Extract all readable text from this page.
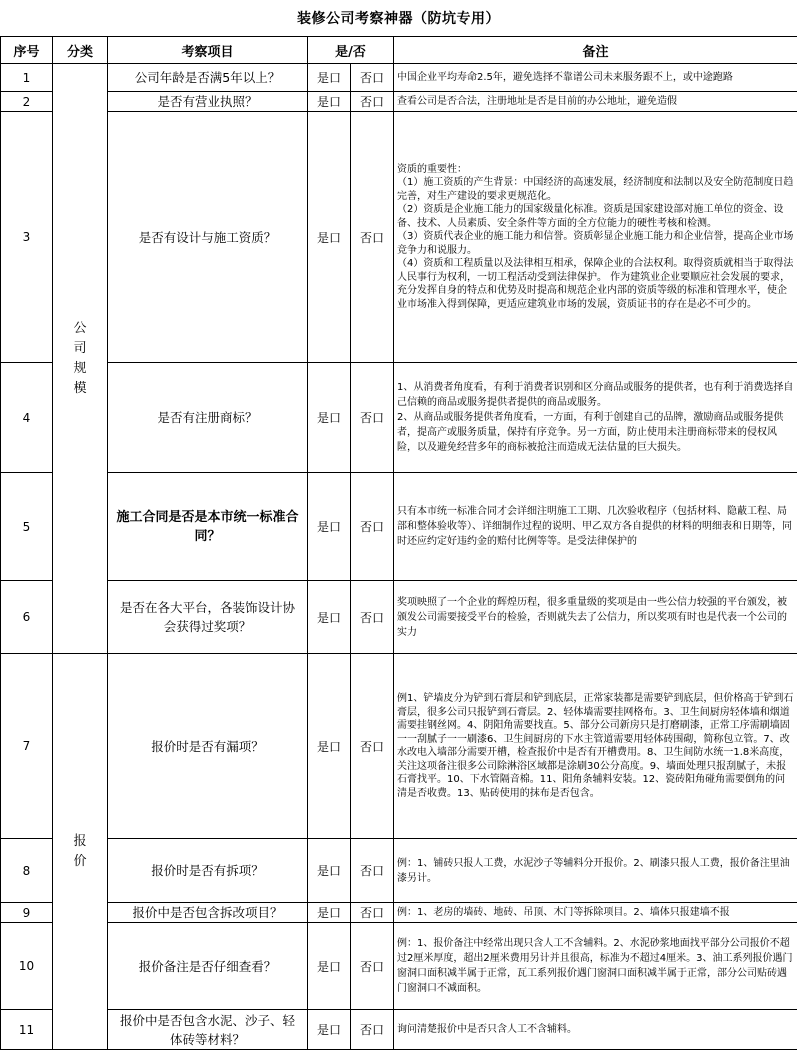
装修公司考察神器（防坑专用）
序号	分类	考察项目	是/否		备注
1	公司规模	公司年龄是否满5年以上？	是口	否口	中国企业平均寿命2.5年，避免选择不靠谱公司未来服务跟不上，或中途跑路
2		是否有营业执照？	是口	否口	查看公司是否合法，注册地址是否是目前的办公地址，避免造假
3		是否有设计与施工资质？	是口	否口	资质的重要性：
（1）施工资质的产生背景：中国经济的高速发展，经济制度和法制以及安全防范制度日趋完善，对生产建设的要求更规范化。
（2）资质是企业施工能力的国家级量化标准。资质是国家建设部对施工单位的资金、设备、技术、人员素质、安全条件等方面的全方位能力的硬性考核和检测。
（3）资质代表企业的施工能力和信誉。资质彰显企业施工能力和企业信誉，提高企业市场竞争力和说服力。
（4）资质和工程质量以及法律相互相承，保障企业的合法权利。取得资质就相当于取得法人民事行为权利，一切工程活动受到法律保护。 作为建筑业企业要顺应社会发展的要求，充分发挥自身的特点和优势及时提高和规范企业内部的资质等级的标准和管理水平，使企业市场准入得到保障，更适应建筑业市场的发展，资质证书的存在是必不可少的。
4		是否有注册商标？	是口	否口	1、从消费者角度看，有利于消费者识别和区分商品或服务的提供者，也有利于消费选择自己信赖的商品或服务提供者提供的商品或服务。
2、从商品或服务提供者角度看，一方面，有利于创建自己的品牌，激励商品或服务提供者，提高产或服务质量，保持有序竞争。另一方面，防止使用未注册商标带来的侵权风险，以及避免经营多年的商标被抢注而造成无法估量的巨大损失。
5		施工合同是否是本市统一标准合同？	是口	否口	只有本市统一标准合同才会详细注明施工工期、几次验收程序（包括材料、隐蔽工程、局部和整体验收等）、详细制作过程的说明、甲乙双方各自提供的材料的明细表和日期等，同时还应约定好违约金的赔付比例等等。是受法律保护的
6		是否在各大平台，各装饰设计协会获得过奖项？	是口	否口	奖项映照了一个企业的辉煌历程，很多重量级的奖项是由一些公信力较强的平台颁发，被颁发公司需要接受平台的检验，否则就失去了公信力，所以奖项有时也是代表一个公司的实力
7	报价	报价时是否有漏项？	是口	否口	例1、铲墙皮分为铲到石膏层和铲到底层，正常家装都是需要铲到底层，但价格高于铲到石膏层，很多公司只报铲到石膏层。2、轻体墙需要挂网格布。3、卫生间厨房轻体墙和烟道需要挂钢丝网。4、阴阳角需要找直。5、部分公司新房只是打磨刷漆，正常工序需刷墙固一一刮腻子一一刷漆6、卫生间厨房的下水主管道需要用轻体砖围砌，简称包立管。7、改水改电入墙部分需要开槽，检查报价中是否有开槽费用。8、卫生间防水统一1.8米高度，关注这项备注很多公司除淋浴区域都是涂刷30公分高度。9、墙面处理只报刮腻子，未报石膏找平。10、下水管隔音棉。11、阳角条辅料安装。12、瓷砖阳角碰角需要倒角的问清是否收费。13、贴砖使用的抹布是否包含。
8		报价时是否有拆项？	是口	否口	例：1、铺砖只报人工费，水泥沙子等辅料分开报价。2、刷漆只报人工费，报价备注里油漆另计。
9		报价中是否包含拆改项目？	是口	否口	例：1、老房的墙砖、地砖、吊顶、木门等拆除项目。2、墙体只报建墙不报
10		报价备注是否仔细查看？	是口	否口	例：1、报价备注中经常出现只含人工不含辅料。2、水泥砂浆地面找平部分公司报价不超过2厘米厚度，超出2厘米费用另计并且很高，标准为不超过4厘米。3、油工系列报价遇门窗洞口面积减半属于正常，瓦工系列报价遇门窗洞口面积减半属于正常，部分公司贴砖遇门窗洞口不减面积。
11		报价中是否包含水泥、沙子、轻体砖等材料？	是口	否口	询问清楚报价中是否只含人工不含辅料。
